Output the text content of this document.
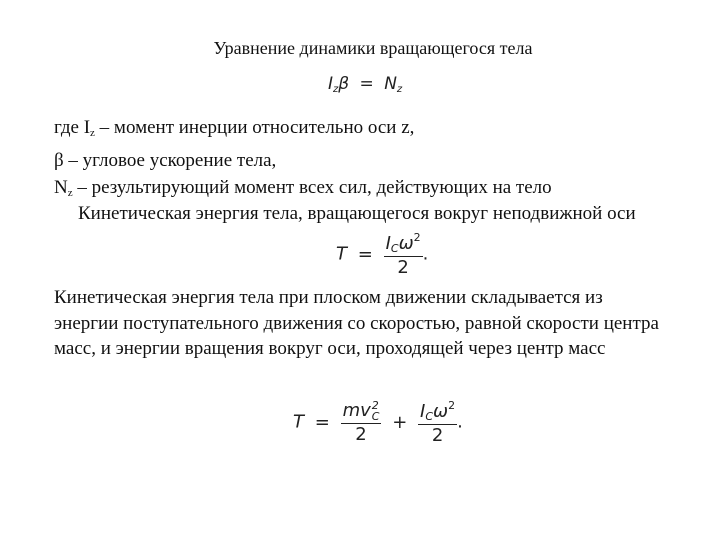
Уравнение динамики вращающегося тела
Izβ = Nz
где $I_z$ – момент инерции относительно оси z,
β – угловое ускорение тела,
$N_z$ – результирующий момент всех сил, действующих на тело
Кинетическая энергия тела, вращающегося вокруг неподвижной оси
$T = \frac{IC\omega^2}{2}$ .
Кинетическая энергия тела при плоском движении складывается из
энергии поступательного движения со скоростью, равной скорости центра
масс, и энергии вращения вокруг оси, проходящей через центр масс
T = mv 2
C
$2 + \frac{IC\omega^2}{2}$ .
